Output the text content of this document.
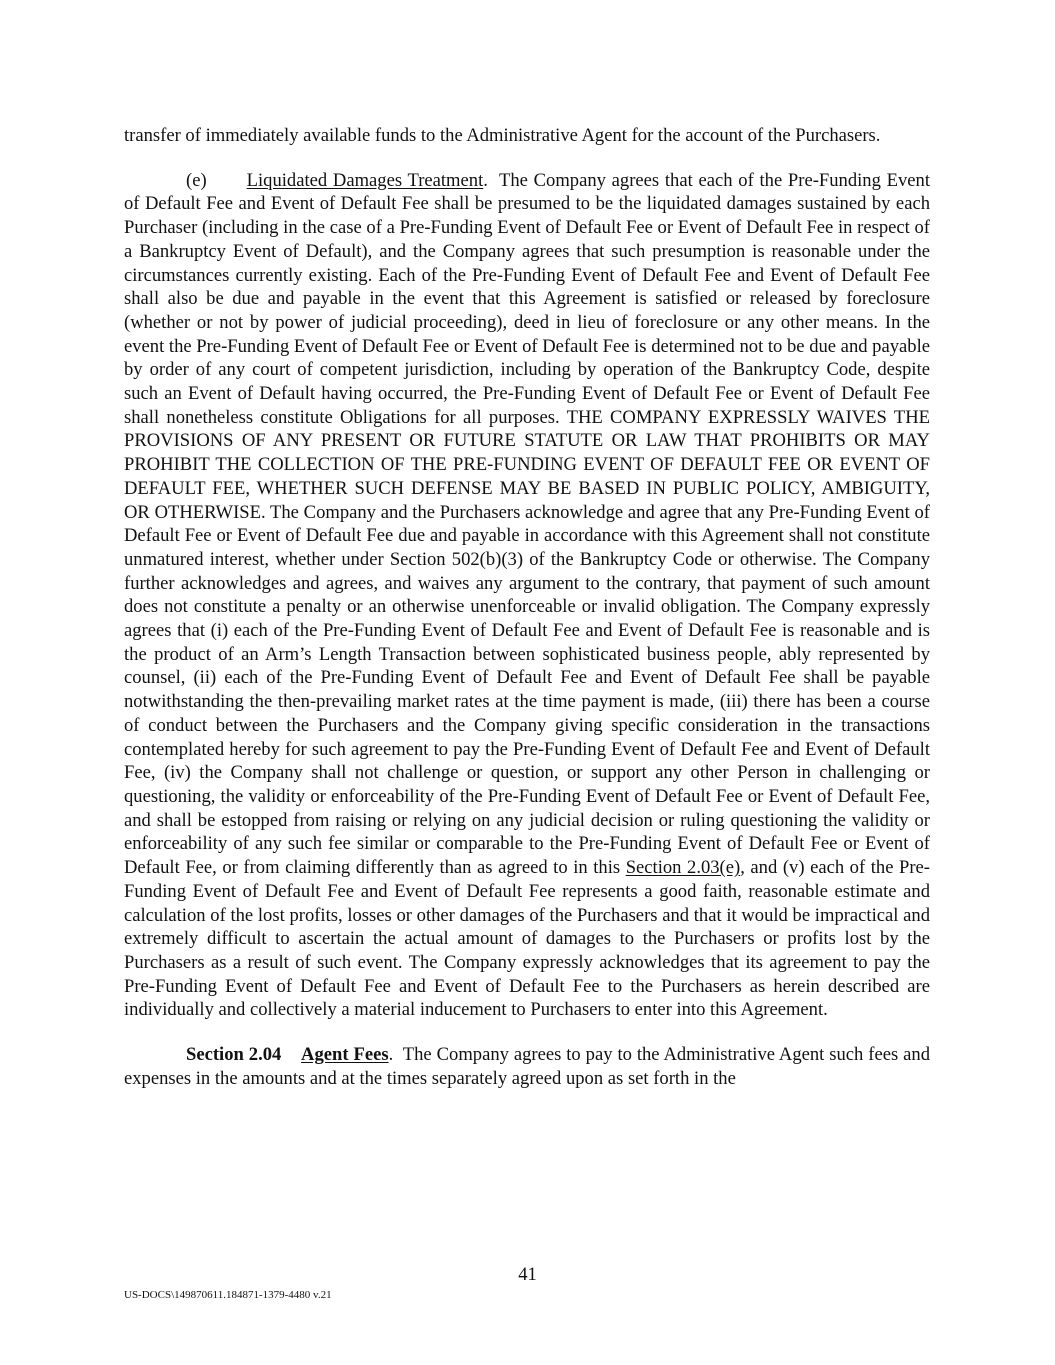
transfer of immediately available funds to the Administrative Agent for the account of the Purchasers.

(e) Liquidated Damages Treatment. The Company agrees that each of the Pre-Funding Event of Default Fee and Event of Default Fee shall be presumed to be the liquidated damages sustained by each Purchaser (including in the case of a Pre-Funding Event of Default Fee or Event of Default Fee in respect of a Bankruptcy Event of Default), and the Company agrees that such presumption is reasonable under the circumstances currently existing. Each of the Pre-Funding Event of Default Fee and Event of Default Fee shall also be due and payable in the event that this Agreement is satisfied or released by foreclosure (whether or not by power of judicial proceeding), deed in lieu of foreclosure or any other means. In the event the Pre-Funding Event of Default Fee or Event of Default Fee is determined not to be due and payable by order of any court of competent jurisdiction, including by operation of the Bankruptcy Code, despite such an Event of Default having occurred, the Pre-Funding Event of Default Fee or Event of Default Fee shall nonetheless constitute Obligations for all purposes. THE COMPANY EXPRESSLY WAIVES THE PROVISIONS OF ANY PRESENT OR FUTURE STATUTE OR LAW THAT PROHIBITS OR MAY PROHIBIT THE COLLECTION OF THE PRE-FUNDING EVENT OF DEFAULT FEE OR EVENT OF DEFAULT FEE, WHETHER SUCH DEFENSE MAY BE BASED IN PUBLIC POLICY, AMBIGUITY, OR OTHERWISE. The Company and the Purchasers acknowledge and agree that any Pre-Funding Event of Default Fee or Event of Default Fee due and payable in accordance with this Agreement shall not constitute unmatured interest, whether under Section 502(b)(3) of the Bankruptcy Code or otherwise. The Company further acknowledges and agrees, and waives any argument to the contrary, that payment of such amount does not constitute a penalty or an otherwise unenforceable or invalid obligation. The Company expressly agrees that (i) each of the Pre-Funding Event of Default Fee and Event of Default Fee is reasonable and is the product of an Arm’s Length Transaction between sophisticated business people, ably represented by counsel, (ii) each of the Pre-Funding Event of Default Fee and Event of Default Fee shall be payable notwithstanding the then-prevailing market rates at the time payment is made, (iii) there has been a course of conduct between the Purchasers and the Company giving specific consideration in the transactions contemplated hereby for such agreement to pay the Pre-Funding Event of Default Fee and Event of Default Fee, (iv) the Company shall not challenge or question, or support any other Person in challenging or questioning, the validity or enforceability of the Pre-Funding Event of Default Fee or Event of Default Fee, and shall be estopped from raising or relying on any judicial decision or ruling questioning the validity or enforceability of any such fee similar or comparable to the Pre-Funding Event of Default Fee or Event of Default Fee, or from claiming differently than as agreed to in this Section 2.03(e), and (v) each of the Pre-Funding Event of Default Fee and Event of Default Fee represents a good faith, reasonable estimate and calculation of the lost profits, losses or other damages of the Purchasers and that it would be impractical and extremely difficult to ascertain the actual amount of damages to the Purchasers or profits lost by the Purchasers as a result of such event. The Company expressly acknowledges that its agreement to pay the Pre-Funding Event of Default Fee and Event of Default Fee to the Purchasers as herein described are individually and collectively a material inducement to Purchasers to enter into this Agreement.

Section 2.04 Agent Fees. The Company agrees to pay to the Administrative Agent such fees and expenses in the amounts and at the times separately agreed upon as set forth in the

41
US-DOCS\149870611.184871-1379-4480 v.21
